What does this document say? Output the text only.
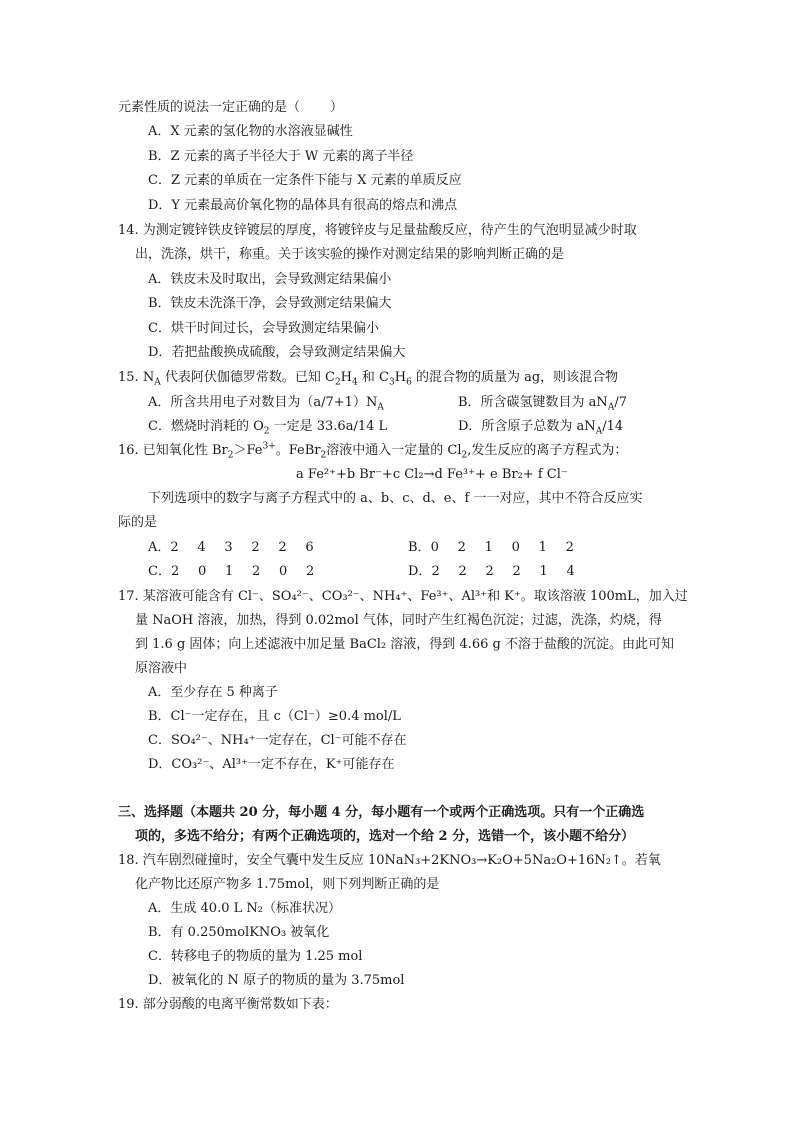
元素性质的说法一定正确的是（ ）
A．X 元素的氢化物的水溶液显碱性
B．Z 元素的离子半径大于 W 元素的离子半径
C．Z 元素的单质在一定条件下能与 X 元素的单质反应
D．Y 元素最高价氧化物的晶体具有很高的熔点和沸点
14. 为测定镀锌铁皮锌镀层的厚度，将镀锌皮与足量盐酸反应，待产生的气泡明显减少时取
出，洗涤，烘干，称重。关于该实验的操作对测定结果的影响判断正确的是
A．铁皮未及时取出，会导致测定结果偏小
B．铁皮未洗涤干净，会导致测定结果偏大
C．烘干时间过长，会导致测定结果偏小
D．若把盐酸换成硫酸，会导致测定结果偏大
15. $N_A$ 代表阿伏伽德罗常数。已知 $C_2H_4$ 和 $C_3H_6$ 的混合物的质量为 ag，则该混合物
A．所含共用电子对数目为$(a/7+1)N_A$	B．所含碳氢键数目为 $aN_A/7$
C．燃烧时消耗的 $O_2$ 一定是 33.6a/14 L	D．所含原子总数为 $aN_A/14$
16. 已知氧化性 $Br_2>Fe^{3+}$。FeBr$_2$溶液中通入一定量的 $Cl_2$,发生反应的离子方程式为：
a Fe²⁺+b Br⁻+c Cl₂→d Fe³⁺+ e Br₂+ f Cl⁻
下列选项中的数字与离子方程式中的 a、b、c、d、e、f 一一对应，其中不符合反应实
际的是
A．2 4 3 2 2 6	B．0 2 1 0 1 2
C．2 0 1 2 0 2	D．2 2 2 2 1 4
17. 某溶液可能含有 Cl⁻、SO₄²⁻、CO₃²⁻、NH₄⁺、Fe³⁺、Al³⁺和 K⁺。取该溶液 100mL，加入过
量 NaOH 溶液，加热，得到 0.02mol 气体，同时产生红褐色沉淀；过滤，洗涤，灼烧，得
到 1.6 g 固体；向上述滤液中加足量 BaCl₂ 溶液，得到 4.66 g 不溶于盐酸的沉淀。由此可知
原溶液中
A．至少存在 5 种离子
B．Cl⁻一定存在，且 c（Cl⁻）≥0.4 mol/L
C．SO₄²⁻、NH₄⁺一定存在，Cl⁻可能不存在
D．CO₃²⁻、Al³⁺一定不存在，K⁺可能存在
三、选择题（本题共 20 分，每小题 4 分，每小题有一个或两个正确选项。只有一个正确选
项的，多选不给分；有两个正确选项的，选对一个给 2 分，选错一个，该小题不给分）
18. 汽车剧烈碰撞时，安全气囊中发生反应 10NaN₃+2KNO₃→K₂O+5Na₂O+16N₂↑。若氧
化产物比还原产物多 1.75mol，则下列判断正确的是
A．生成 40.0 L N₂（标准状况）
B．有 0.250molKNO₃ 被氧化
C．转移电子的物质的量为 1.25 mol
D．被氧化的 N 原子的物质的量为 3.75mol
19. 部分弱酸的电离平衡常数如下表：
